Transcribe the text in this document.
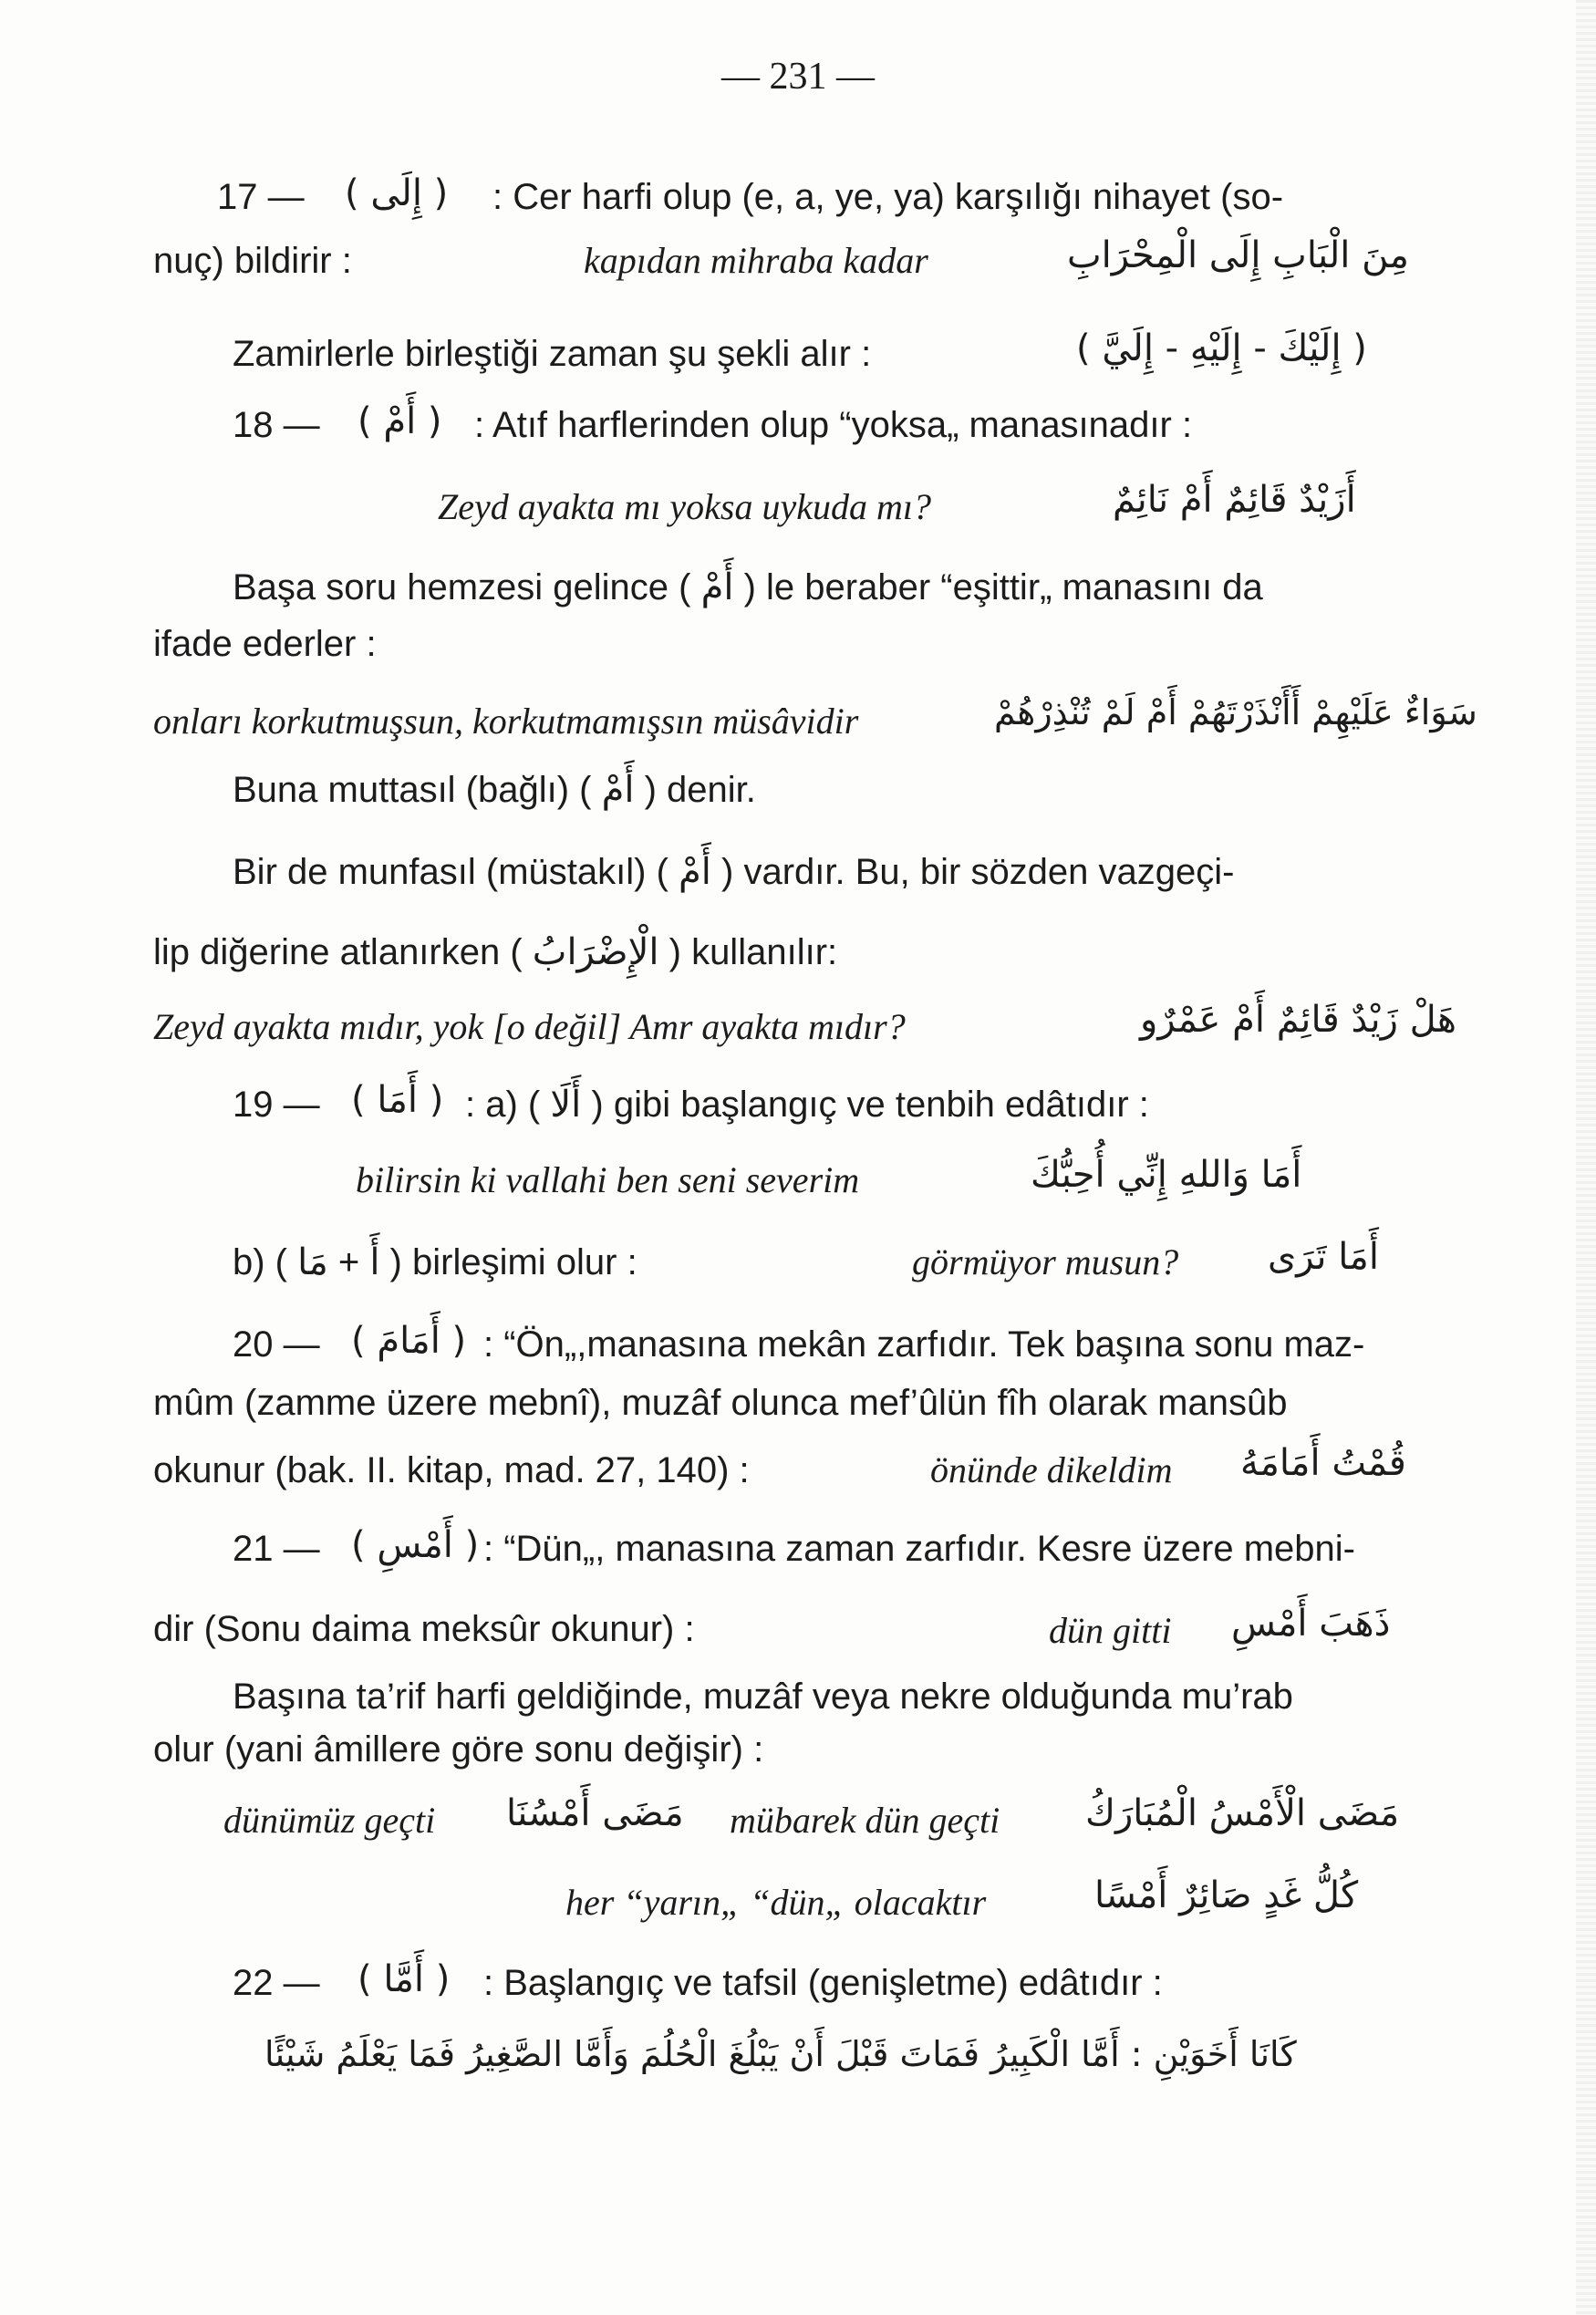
— 231 —
17 — ( إِلَى ) : Cer harfi olup (e, a, ye, ya) karşılığı nihayet (so-
nuç) bildirir :	kapıdan mihraba kadar	مِنَ الْبَابِ إِلَى الْمِحْرَابِ
Zamirlerle birleştiği zaman şu şekli alır :	( إِلَيْكَ - إِلَيْهِ - إِلَيَّ )
18 — ( أَمْ ) : Atıf harflerinden olup “yoksa„ manasınadır :
Zeyd ayakta mı yoksa uykuda mı?	أَزَيْدٌ قَائِمٌ أَمْ نَائِمٌ
Başa soru hemzesi gelince ( أَمْ ) le beraber “eşittir„ manasını da
ifade ederler :
onları korkutmuşsun, korkutmamışsın müsâvidir	سَوَاءٌ عَلَيْهِمْ أَأَنْذَرْتَهُمْ أَمْ لَمْ تُنْذِرْهُمْ
Buna muttasıl (bağlı) ( أَمْ ) denir.
Bir de munfasıl (müstakıl) ( أَمْ ) vardır. Bu, bir sözden vazgeçi-
lip diğerine atlanırken ( الْإِضْرَابُ ) kullanılır:
Zeyd ayakta mıdır, yok [o değil] Amr ayakta mıdır?	هَلْ زَيْدٌ قَائِمٌ أَمْ عَمْرٌو
19 — ( أَمَا ) : a) ( أَلَا ) gibi başlangıç ve tenbih edâtıdır :
bilirsin ki vallahi ben seni severim	أَمَا وَاللهِ إِنِّي أُحِبُّكَ
b) ( أَ + مَا ) birleşimi olur :	görmüyor musun? أَمَا تَرَى
20 — ( أَمَامَ ) : “Ön„,manasına mekân zarfıdır. Tek başına sonu maz-
mûm (zamme üzere mebnî), muzâf olunca mef’ûlün fîh olarak mansûb
okunur (bak. II. kitap, mad. 27, 140) :	önünde dikeldim قُمْتُ أَمَامَهُ
21 — ( أَمْسِ ) : “Dün„, manasına zaman zarfıdır. Kesre üzere mebni-
dir (Sonu daima meksûr okunur) :	dün gitti ذَهَبَ أَمْسِ
Başına ta’rif harfi geldiğinde, muzâf veya nekre olduğunda mu’rab
olur (yani âmillere göre sonu değişir) :
dünümüz geçti مَضَى أَمْسُنَا mübarek dün geçti مَضَى الْأَمْسُ الْمُبَارَكُ
her “yarın„ “dün„ olacaktır	كُلُّ غَدٍ صَائِرٌ أَمْسًا
22 — ( أَمَّا ) : Başlangıç ve tafsil (genişletme) edâtıdır :
كَانَا أَخَوَيْنِ : أَمَّا الْكَبِيرُ فَمَاتَ قَبْلَ أَنْ يَبْلُغَ الْحُلُمَ وَأَمَّا الصَّغِيرُ فَمَا يَعْلَمُ شَيْئًا
